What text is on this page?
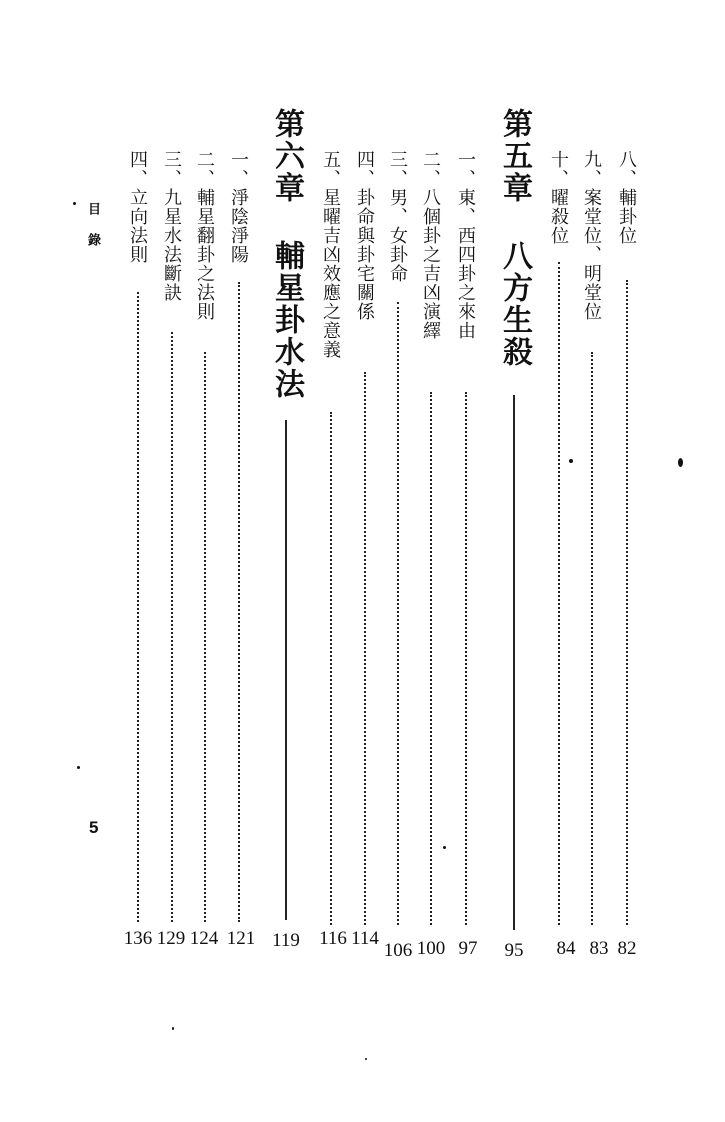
目錄
5
八、輔卦位
82
九、案堂位、明堂位
83
十、曜殺位
84
第五章
八方生殺
95
一、東、西四卦之來由
97
二、八個卦之吉凶演繹
100
三、男、女卦命
106
四、卦命與卦宅關係
114
五、星曜吉凶效應之意義
116
第六章
輔星卦水法
119
一、淨陰淨陽
121
二、輔星翻卦之法則
124
三、九星水法斷訣
129
四、立向法則
136
